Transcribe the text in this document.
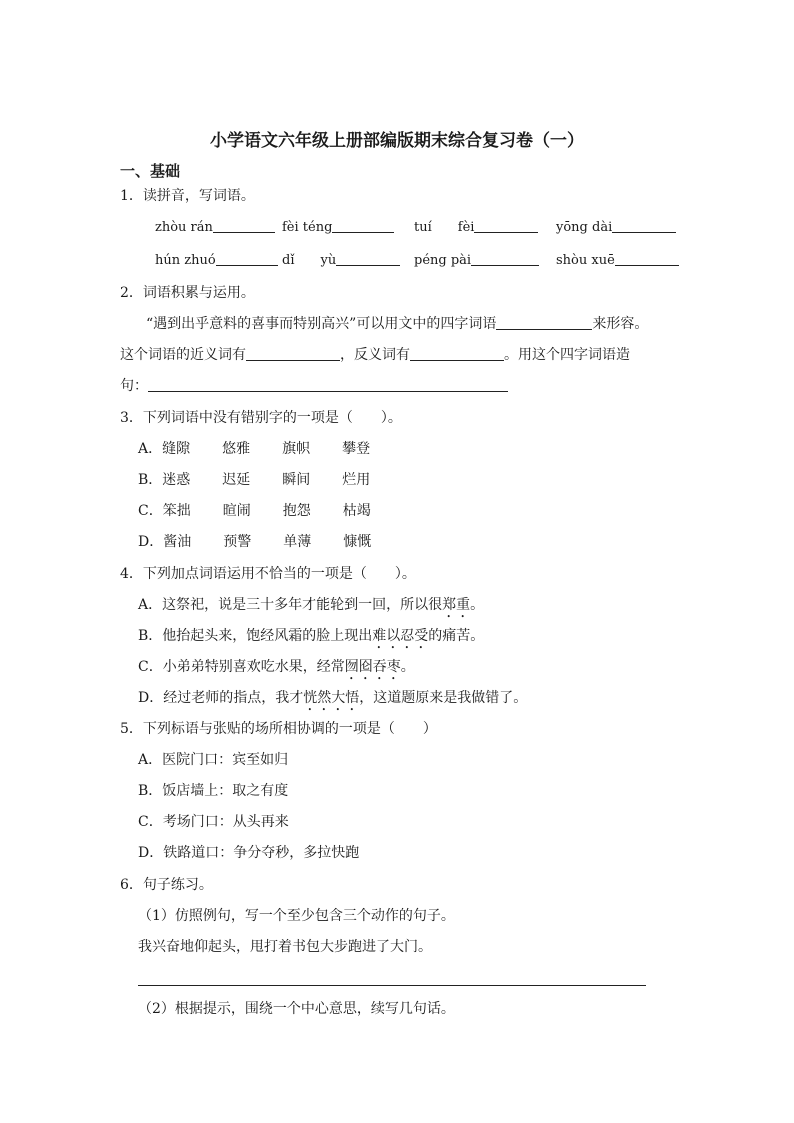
小学语文六年级上册部编版期末综合复习卷（一）
一、基础
1．读拼音，写词语。
zhòu rán	fèi téng	tuí　　fèi	yōng dài
hún zhuó	dǐ　　yù	péng pài	shòu xuē
2．词语积累与运用。
“遇到出乎意料的喜事而特别高兴”可以用文中的四字词语	来形容。
这个词语的近义词有	，反义词有	。用这个四字词语造
句：
3．下列词语中没有错别字的一项是（　　）。
A．缝隙 悠雅 旗帜 攀登
B．迷惑 迟延 瞬间 烂用
C．笨拙 暄闹 抱怨 枯竭
D．酱油 预警 单薄 慷慨
4．下列加点词语运用不恰当的一项是（　　）。
A．这祭祀，说是三十多年才能轮到一回，所以很郑重。
B．他抬起头来，饱经风霜的脸上现出难以忍受的痛苦。
C．小弟弟特别喜欢吃水果，经常囫囵吞枣。
D．经过老师的指点，我才恍然大悟，这道题原来是我做错了。
5．下列标语与张贴的场所相协调的一项是（　　）
A．医院门口：宾至如归
B．饭店墙上：取之有度
C．考场门口：从头再来
D．铁路道口：争分夺秒，多拉快跑
6．句子练习。
（1）仿照例句，写一个至少包含三个动作的句子。
我兴奋地仰起头，甩打着书包大步跑进了大门。
（2）根据提示，围绕一个中心意思，续写几句话。
